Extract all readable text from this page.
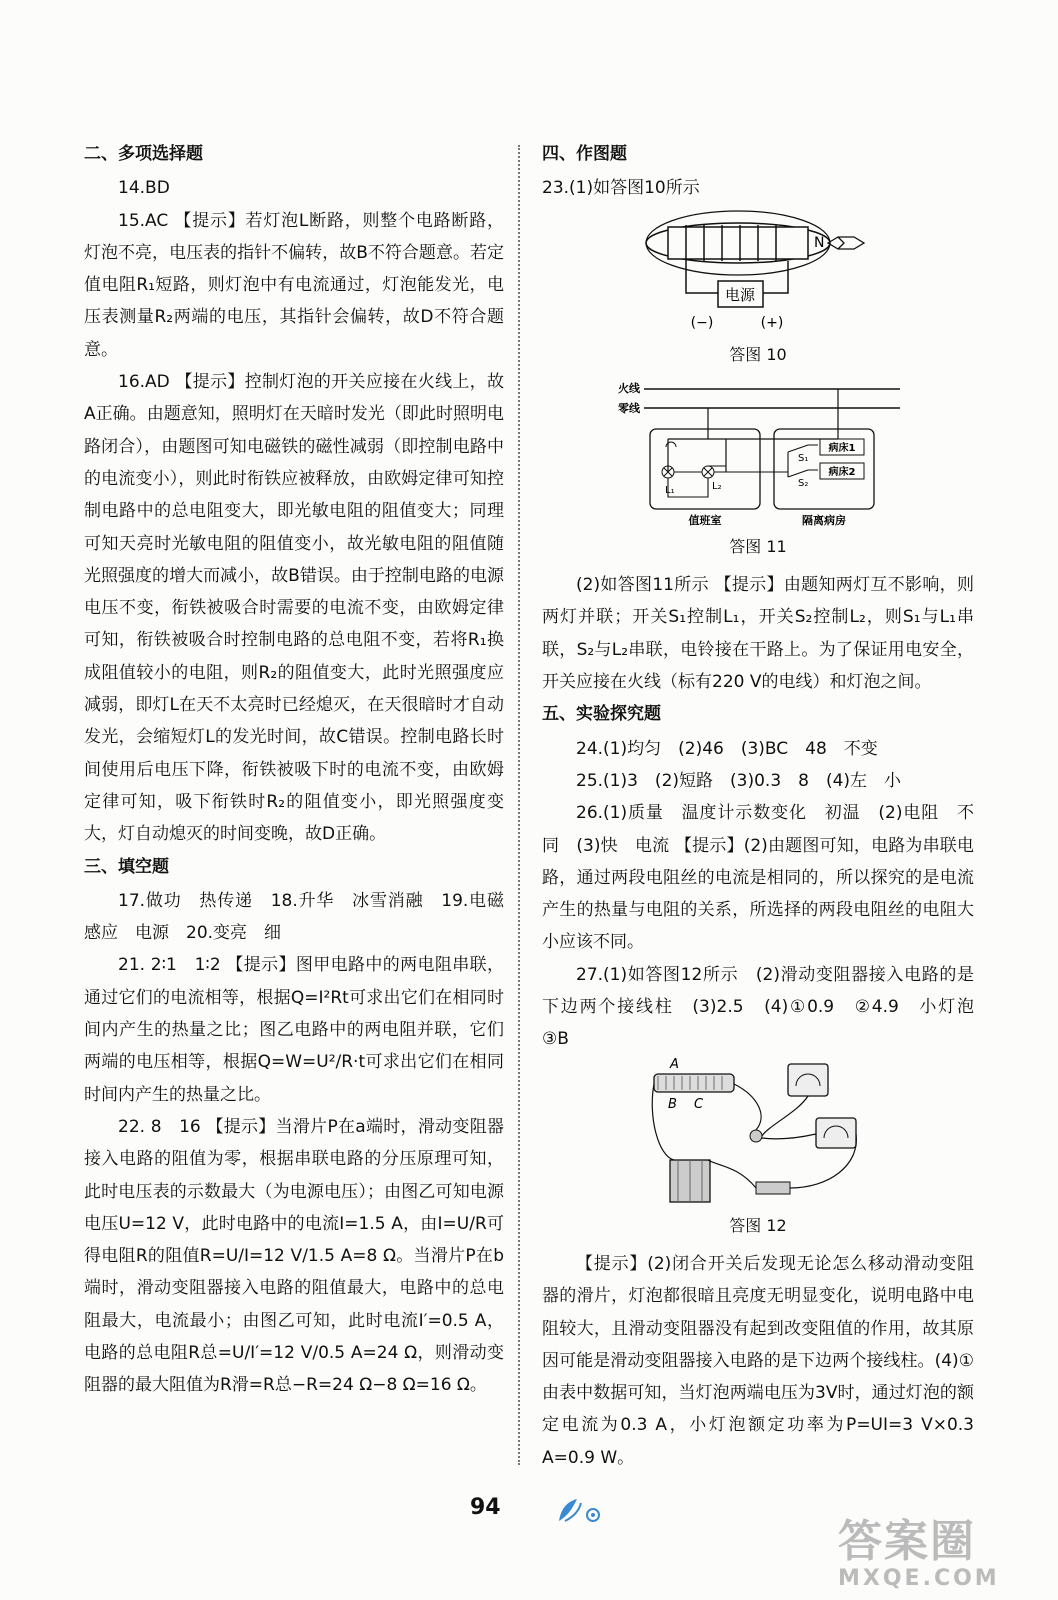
二、多项选择题

14.BD

15.AC 【提示】若灯泡L断路，则整个电路断路，灯泡不亮，电压表的指针不偏转，故B不符合题意。若定值电阻R₁短路，则灯泡中有电流通过，灯泡能发光，电压表测量R₂两端的电压，其指针会偏转，故D不符合题意。

16.AD 【提示】控制灯泡的开关应接在火线上，故A正确。由题意知，照明灯在天暗时发光（即此时照明电路闭合），由题图可知电磁铁的磁性减弱（即控制电路中的电流变小），则此时衔铁应被释放，由欧姆定律可知控制电路中的总电阻变大，即光敏电阻的阻值变大；同理可知天亮时光敏电阻的阻值变小，故光敏电阻的阻值随光照强度的增大而减小，故B错误。由于控制电路的电源电压不变，衔铁被吸合时需要的电流不变，由欧姆定律可知，衔铁被吸合时控制电路的总电阻不变，若将R₁换成阻值较小的电阻，则R₂的阻值变大，此时光照强度应减弱，即灯L在天不太亮时已经熄灭，在天很暗时才自动发光，会缩短灯L的发光时间，故C错误。控制电路长时间使用后电压下降，衔铁被吸下时的电流不变，由欧姆定律可知，吸下衔铁时R₂的阻值变小，即光照强度变大，灯自动熄灭的时间变晚，故D正确。

三、填空题

17.做功　热传递　18.升华　冰雪消融　19.电磁感应　电源　20.变亮　细

21. 2∶1　1∶2 【提示】图甲电路中的两电阻串联，通过它们的电流相等，根据Q=I²Rt可求出它们在相同时间内产生的热量之比；图乙电路中的两电阻并联，它们两端的电压相等，根据Q=W=U²/R·t可求出它们在相同时间内产生的热量之比。

22. 8　16 【提示】当滑片P在a端时，滑动变阻器接入电路的阻值为零，根据串联电路的分压原理可知，此时电压表的示数最大（为电源电压）；由图乙可知电源电压U=12 V，此时电路中的电流I=1.5 A，由I=U/R可得电阻R的阻值R=U/I=12 V/1.5 A=8 Ω。当滑片P在b端时，滑动变阻器接入电路的阻值最大，电路中的总电阻最大，电流最小；由图乙可知，此时电流I′=0.5 A，电路的总电阻R总=U/I′=12 V/0.5 A=24 Ω，则滑动变阻器的最大阻值为R滑=R总−R=24 Ω−8 Ω=16 Ω。

四、作图题

23.(1)如答图10所示

电源
(−)	(+)
N
答图 10
火线
零线
L₁	L₂
S₁
S₂
病床1
病床2
值班室	隔离病房
答图 11

(2)如答图11所示 【提示】由题知两灯互不影响，则两灯并联；开关S₁控制L₁，开关S₂控制L₂，则S₁与L₁串联，S₂与L₂串联，电铃接在干路上。为了保证用电安全，开关应接在火线（标有220 V的电线）和灯泡之间。

五、实验探究题

24.(1)均匀　(2)46　(3)BC　48　不变

25.(1)3　(2)短路　(3)0.3　8　(4)左　小

26.(1)质量　温度计示数变化　初温　(2)电阻　不同　(3)快　电流 【提示】(2)由题图可知，电路为串联电路，通过两段电阻丝的电流是相同的，所以探究的是电流产生的热量与电阻的关系，所选择的两段电阻丝的电阻大小应该不同。

27.(1)如答图12所示　(2)滑动变阻器接入电路的是下边两个接线柱　(3)2.5　(4)①0.9　②4.9　小灯泡　③B

A
B C
答图 12

【提示】(2)闭合开关后发现无论怎么移动滑动变阻器的滑片，灯泡都很暗且亮度无明显变化，说明电路中电阻较大，且滑动变阻器没有起到改变阻值的作用，故其原因可能是滑动变阻器接入电路的是下边两个接线柱。(4)①由表中数据可知，当灯泡两端电压为3V时，通过灯泡的额定电流为0.3 A，小灯泡额定功率为P=UI=3 V×0.3 A=0.9 W。

94
答案圈
MXQE.COM
